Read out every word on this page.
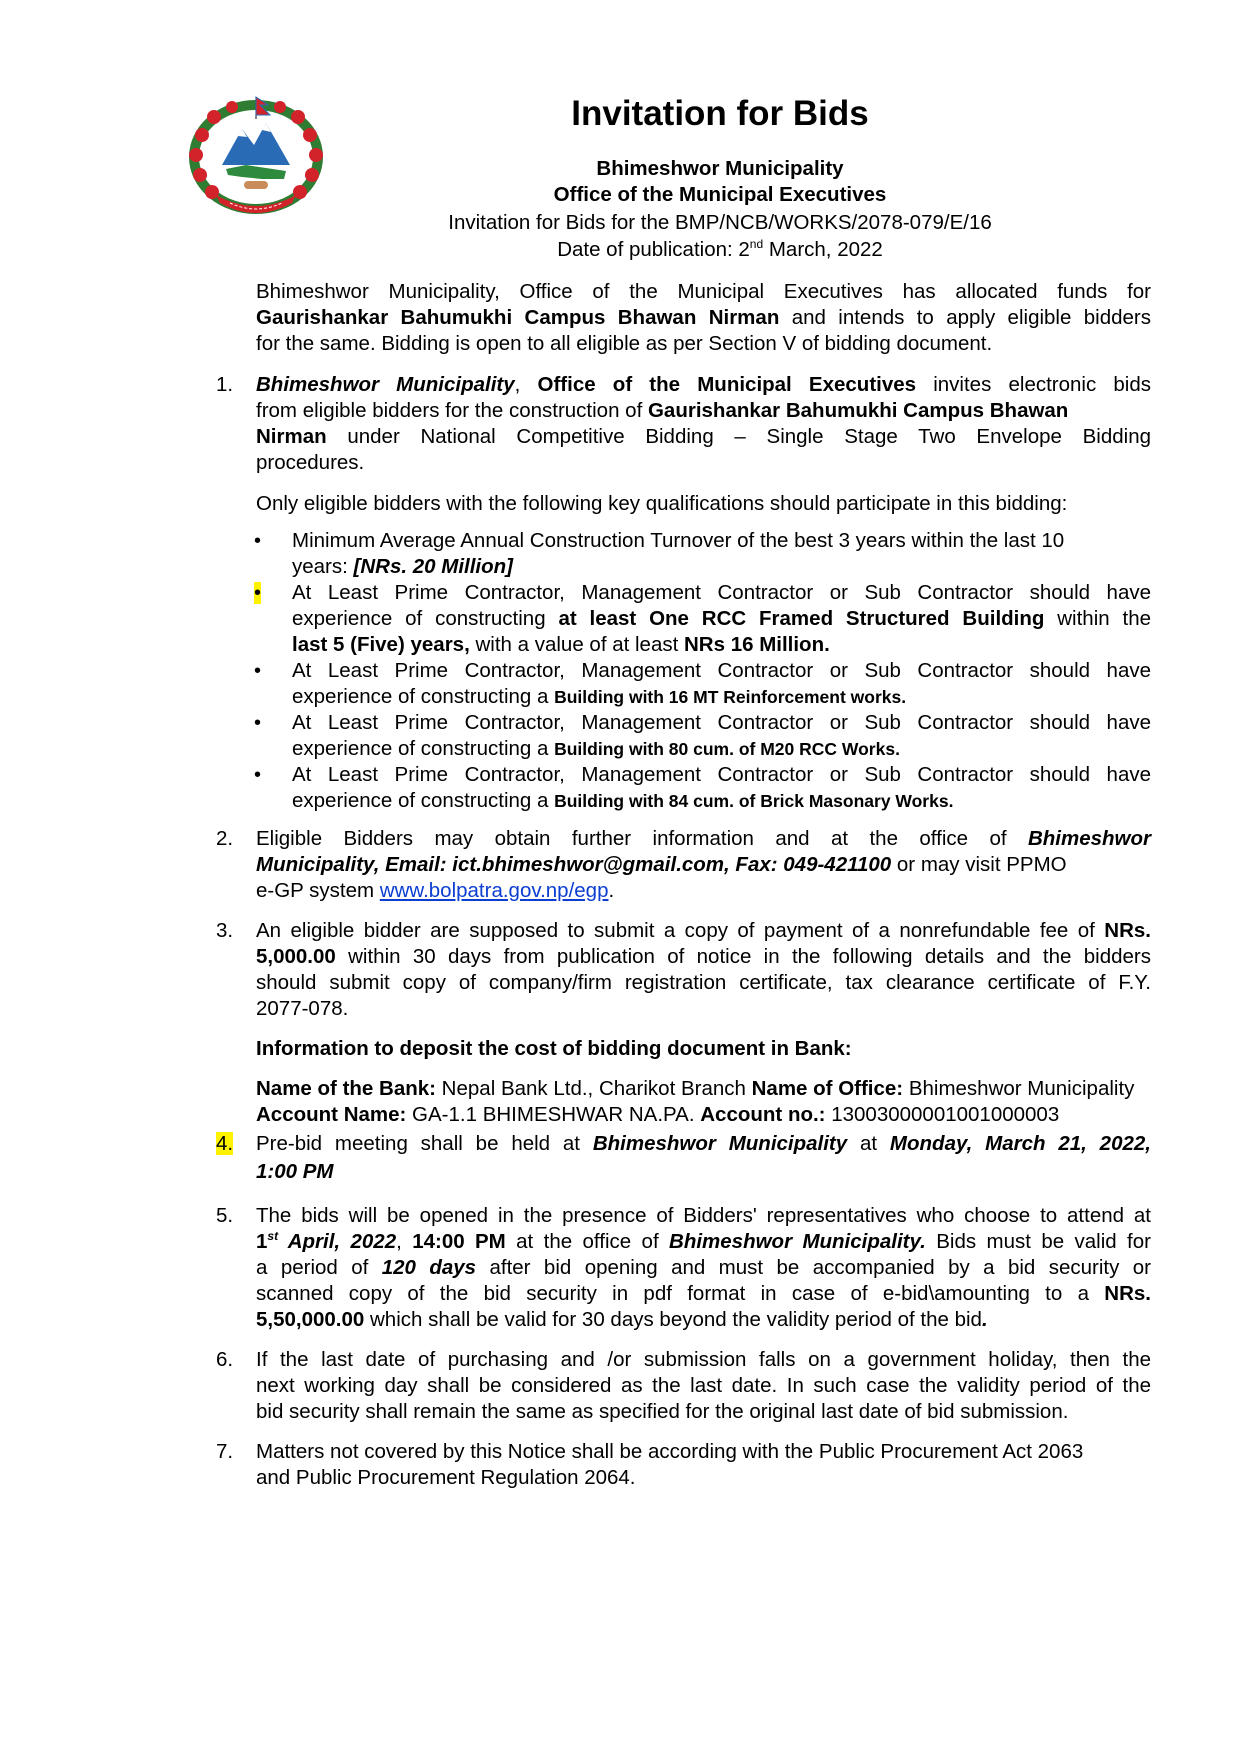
Invitation for Bids
Bhimeshwor Municipality
Office of the Municipal Executives
Invitation for Bids for the BMP/NCB/WORKS/2078-079/E/16
Date of publication: 2nd March, 2022
Bhimeshwor Municipality, Office of the Municipal Executives has allocated funds for
Gaurishankar Bahumukhi Campus Bhawan Nirman and intends to apply eligible bidders
for the same. Bidding is open to all eligible as per Section V of bidding document.
1. Bhimeshwor Municipality, Office of the Municipal Executives invites electronic bids
from eligible bidders for the construction of Gaurishankar Bahumukhi Campus Bhawan
Nirman under National Competitive Bidding – Single Stage Two Envelope Bidding
procedures.
Only eligible bidders with the following key qualifications should participate in this bidding:
• Minimum Average Annual Construction Turnover of the best 3 years within the last 10
years: [NRs. 20 Million]
• At Least Prime Contractor, Management Contractor or Sub Contractor should have
experience of constructing at least One RCC Framed Structured Building within the
last 5 (Five) years, with a value of at least NRs 16 Million.
• At Least Prime Contractor, Management Contractor or Sub Contractor should have
experience of constructing a Building with 16 MT Reinforcement works.
• At Least Prime Contractor, Management Contractor or Sub Contractor should have
experience of constructing a Building with 80 cum. of M20 RCC Works.
• At Least Prime Contractor, Management Contractor or Sub Contractor should have
experience of constructing a Building with 84 cum. of Brick Masonary Works.
2. Eligible Bidders may obtain further information and at the office of Bhimeshwor
Municipality, Email: ict.bhimeshwor@gmail.com, Fax: 049-421100 or may visit PPMO
e-GP system www.bolpatra.gov.np/egp.
3. An eligible bidder are supposed to submit a copy of payment of a nonrefundable fee of NRs.
5,000.00 within 30 days from publication of notice in the following details and the bidders
should submit copy of company/firm registration certificate, tax clearance certificate of F.Y.
2077-078.
Information to deposit the cost of bidding document in Bank:
Name of the Bank: Nepal Bank Ltd., Charikot Branch Name of Office: Bhimeshwor Municipality
Account Name: GA-1.1 BHIMESHWAR NA.PA. Account no.: 13003000001001000003
4. Pre-bid meeting shall be held at Bhimeshwor Municipality at Monday, March 21, 2022,
1:00 PM
5. The bids will be opened in the presence of Bidders' representatives who choose to attend at
1st April, 2022, 14:00 PM at the office of Bhimeshwor Municipality. Bids must be valid for
a period of 120 days after bid opening and must be accompanied by a bid security or
scanned copy of the bid security in pdf format in case of e-bid\amounting to a NRs.
5,50,000.00 which shall be valid for 30 days beyond the validity period of the bid.
6. If the last date of purchasing and /or submission falls on a government holiday, then the
next working day shall be considered as the last date. In such case the validity period of the
bid security shall remain the same as specified for the original last date of bid submission.
7. Matters not covered by this Notice shall be according with the Public Procurement Act 2063
and Public Procurement Regulation 2064.
